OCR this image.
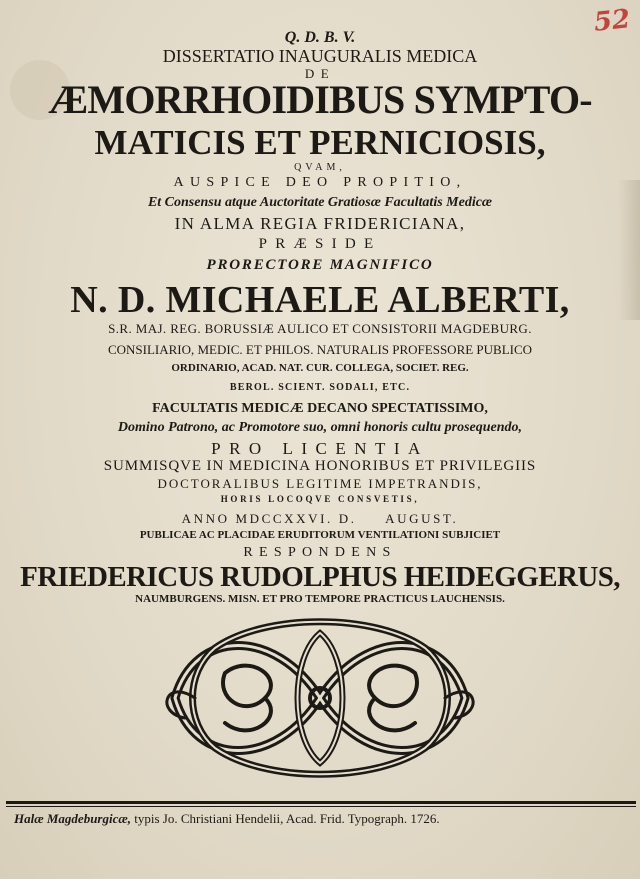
52
Q. D. B. V.
DISSERTATIO INAUGURALIS MEDICA
DE
ÆMORRHOIDIBUS SYMPTO-
MATICIS ET PERNICIOSIS,
QVAM,
AUSPICE DEO PROPITIO,
Et Consensu atque Auctoritate Gratiosæ Facultatis Medicæ
IN ALMA REGIA FRIDERICIANA,
PRÆSIDE
PRORECTORE MAGNIFICO
N. D. MICHAELE ALBERTI,
S.R. MAJ. REG. BORUSSIÆ AULICO ET CONSISTORII MAGDEBURG.
CONSILIARIO, MEDIC. ET PHILOS. NATURALIS PROFESSORE PUBLICO
ORDINARIO, ACAD. NAT. CUR. COLLEGA, SOCIET. REG.
BEROL. SCIENT. SODALI, ETC.
FACULTATIS MEDICÆ DECANO SPECTATISSIMO,
Domino Patrono, ac Promotore suo, omni honoris cultu prosequendo,
PRO LICENTIA
SUMMISQVE IN MEDICINA HONORIBUS ET PRIVILEGIIS
DOCTORALIBUS LEGITIME IMPETRANDIS,
HORIS LOCOQVE CONSVETIS,
ANNO MDCCXXVI. D.     AUGUST.
PUBLICAE AC PLACIDAE ERUDITORUM VENTILATIONI SUBJICIET
RESPONDENS
FRIEDERICUS RUDOLPHUS HEIDEGGERUS,
NAUMBURGENS. MISN. ET PRO TEMPORE PRACTICUS LAUCHENSIS.
Halæ Magdeburgicæ, typis Jo. Christiani Hendelii, Acad. Frid. Typograph. 1726.
